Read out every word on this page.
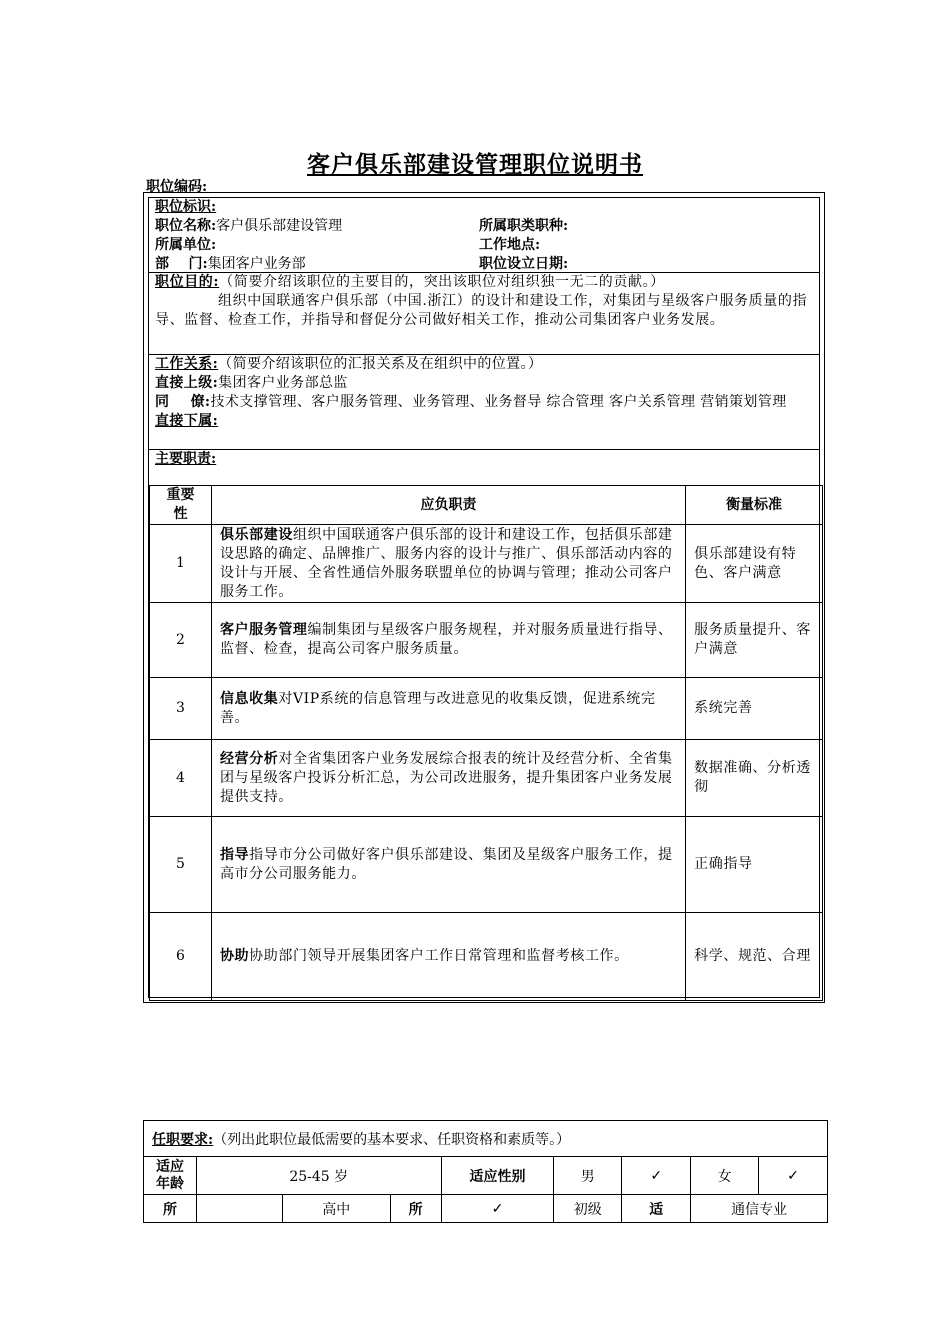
客户俱乐部建设管理职位说明书
职位编码:
职位标识:
职位名称:客户俱乐部建设管理	所属职类职种:
所属单位:	工作地点:
部    门:集团客户业务部	职位设立日期:
职位目的:（简要介绍该职位的主要目的，突出该职位对组织独一无二的贡献。）
组织中国联通客户俱乐部（中国.浙江）的设计和建设工作，对集团与星级客户服务质量的指导、监督、检查工作，并指导和督促分公司做好相关工作，推动公司集团客户业务发展。
工作关系:（简要介绍该职位的汇报关系及在组织中的位置。）
直接上级:集团客户业务部总监
同    僚:技术支撑管理、客户服务管理、业务管理、业务督导 综合管理 客户关系管理 营销策划管理
直接下属:
主要职责:
重要性	应负职责	衡量标准
1	俱乐部建设组织中国联通客户俱乐部的设计和建设工作，包括俱乐部建设思路的确定、品牌推广、服务内容的设计与推广、俱乐部活动内容的设计与开展、全省性通信外服务联盟单位的协调与管理；推动公司客户服务工作。	俱乐部建设有特色、客户满意
2	客户服务管理编制集团与星级客户服务规程，并对服务质量进行指导、监督、检查，提高公司客户服务质量。	服务质量提升、客户满意
3	信息收集对VIP系统的信息管理与改进意见的收集反馈，促进系统完善。	系统完善
4	经营分析对全省集团客户业务发展综合报表的统计及经营分析、全省集团与星级客户投诉分析汇总，为公司改进服务，提升集团客户业务发展提供支持。	数据准确、分析透彻
5	指导指导市分公司做好客户俱乐部建设、集团及星级客户服务工作，提高市分公司服务能力。	正确指导
6	协助协助部门领导开展集团客户工作日常管理和监督考核工作。	科学、规范、合理
任职要求:（列出此职位最低需要的基本要求、任职资格和素质等。）								
适应年龄	25-45 岁			适应性别	男	✓	女	✓
所		高中	所	✓	初级	适	通信专业	
